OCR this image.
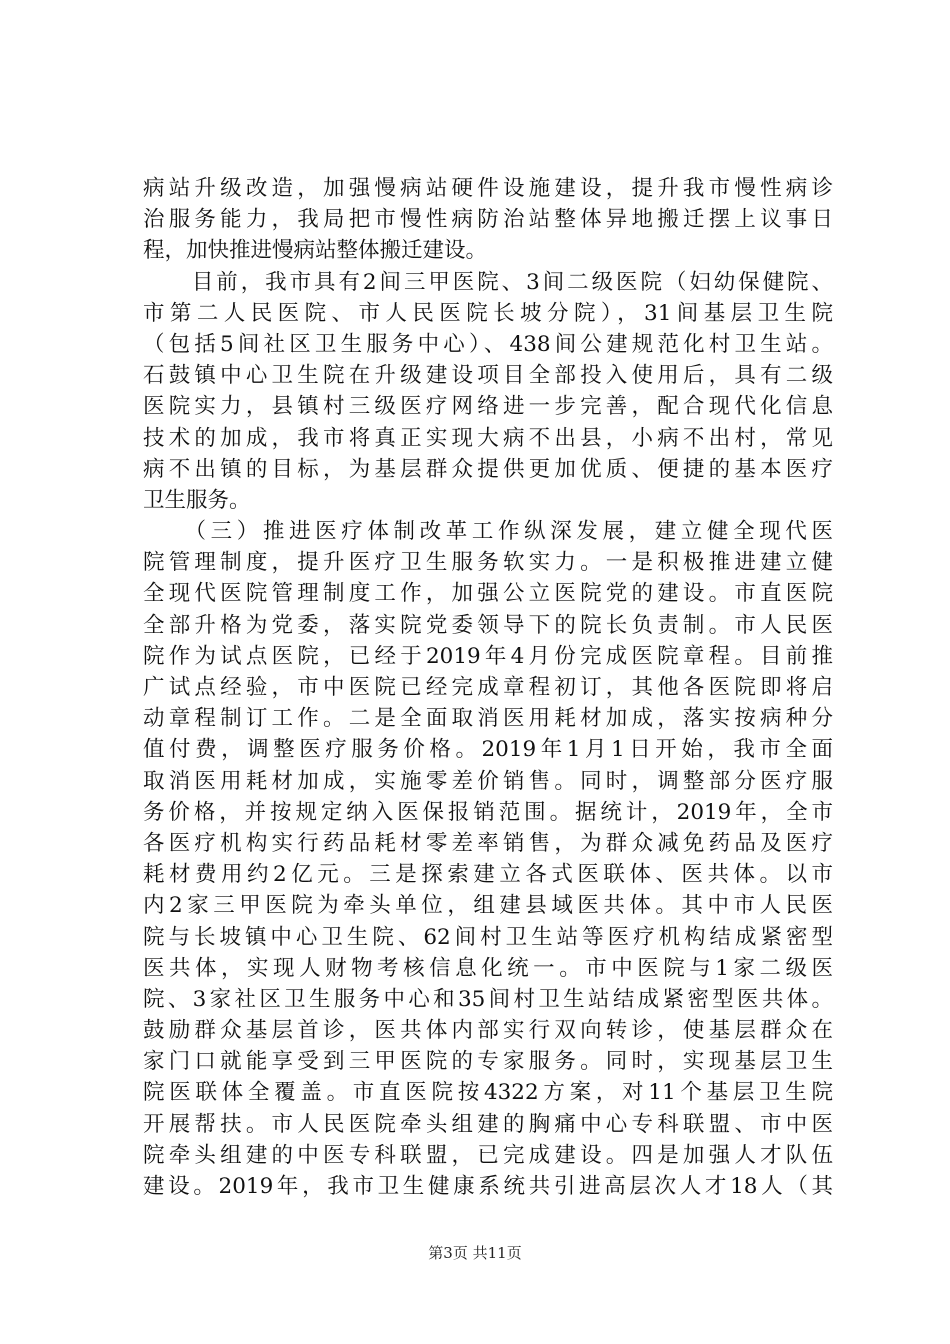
病站升级改造，加强慢病站硬件设施建设，提升我市慢性病诊
治服务能力，我局把市慢性病防治站整体异地搬迁摆上议事日
程，加快推进慢病站整体搬迁建设。
　　目前，我市具有2间三甲医院、3间二级医院（妇幼保健院、
市第二人民医院、市人民医院长坡分院），31间基层卫生院
（包括5间社区卫生服务中心）、438间公建规范化村卫生站。
石鼓镇中心卫生院在升级建设项目全部投入使用后，具有二级
医院实力，县镇村三级医疗网络进一步完善，配合现代化信息
技术的加成，我市将真正实现大病不出县，小病不出村，常见
病不出镇的目标，为基层群众提供更加优质、便捷的基本医疗
卫生服务。
　　（三）推进医疗体制改革工作纵深发展，建立健全现代医
院管理制度，提升医疗卫生服务软实力。一是积极推进建立健
全现代医院管理制度工作，加强公立医院党的建设。市直医院
全部升格为党委，落实院党委领导下的院长负责制。市人民医
院作为试点医院，已经于2019年4月份完成医院章程。目前推
广试点经验，市中医院已经完成章程初订，其他各医院即将启
动章程制订工作。二是全面取消医用耗材加成，落实按病种分
值付费，调整医疗服务价格。2019年1月1日开始，我市全面
取消医用耗材加成，实施零差价销售。同时，调整部分医疗服
务价格，并按规定纳入医保报销范围。据统计，2019年，全市
各医疗机构实行药品耗材零差率销售，为群众减免药品及医疗
耗材费用约2亿元。三是探索建立各式医联体、医共体。以市
内2家三甲医院为牵头单位，组建县域医共体。其中市人民医
院与长坡镇中心卫生院、62间村卫生站等医疗机构结成紧密型
医共体，实现人财物考核信息化统一。市中医院与1家二级医
院、3家社区卫生服务中心和35间村卫生站结成紧密型医共体。
鼓励群众基层首诊，医共体内部实行双向转诊，使基层群众在
家门口就能享受到三甲医院的专家服务。同时，实现基层卫生
院医联体全覆盖。市直医院按4322方案，对11个基层卫生院
开展帮扶。市人民医院牵头组建的胸痛中心专科联盟、市中医
院牵头组建的中医专科联盟，已完成建设。四是加强人才队伍
建设。2019年，我市卫生健康系统共引进高层次人才18人（其
第3页 共11页
